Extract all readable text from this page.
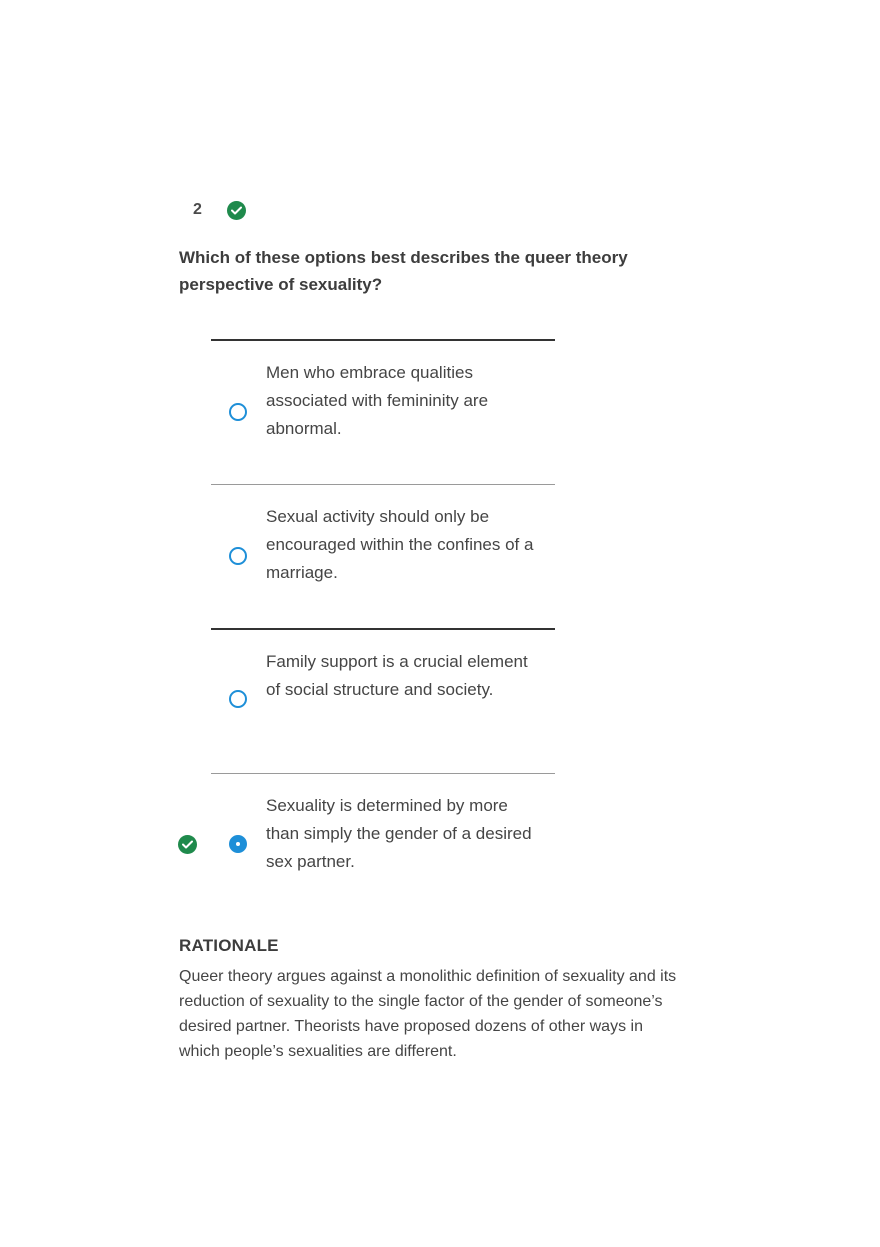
2
Which of these options best describes the queer theory perspective of sexuality?
Men who embrace qualities associated with femininity are abnormal.
Sexual activity should only be encouraged within the confines of a marriage.
Family support is a crucial element of social structure and society.
Sexuality is determined by more than simply the gender of a desired sex partner.
RATIONALE
Queer theory argues against a monolithic definition of sexuality and its reduction of sexuality to the single factor of the gender of someone’s desired partner. Theorists have proposed dozens of other ways in which people’s sexualities are different.
